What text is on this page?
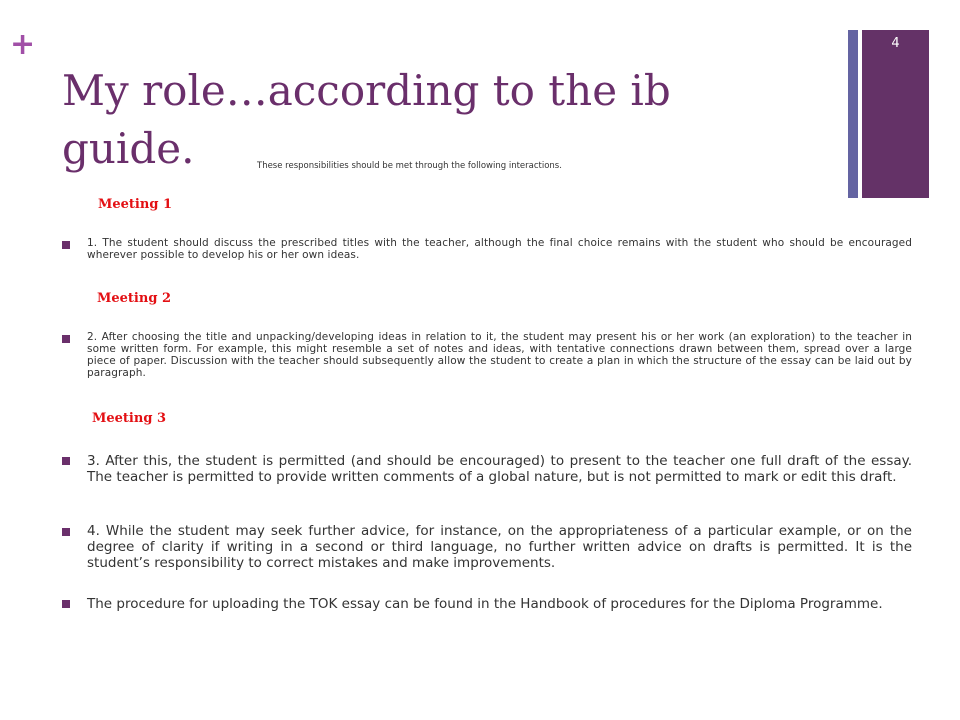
+
My role…according to the ib guide.	These responsibilities should be met through the following interactions.
4
Meeting 1
1. The student should discuss the prescribed titles with the teacher, although the final choice remains with the student who should be encouraged wherever possible to develop his or her own ideas.
Meeting 2
2. After choosing the title and unpacking/developing ideas in relation to it, the student may present his or her work (an exploration) to the teacher in some written form. For example, this might resemble a set of notes and ideas, with tentative connections drawn between them, spread over a large piece of paper. Discussion with the teacher should subsequently allow the student to create a plan in which the structure of the essay can be laid out by paragraph.
Meeting 3
3. After this, the student is permitted (and should be encouraged) to present to the teacher one full draft of the essay. The teacher is permitted to provide written comments of a global nature, but is not permitted to mark or edit this draft.
4. While the student may seek further advice, for instance, on the appropriateness of a particular example, or on the degree of clarity if writing in a second or third language, no further written advice on drafts is permitted. It is the student’s responsibility to correct mistakes and make improvements.
The procedure for uploading the TOK essay can be found in the Handbook of procedures for the Diploma Programme.
